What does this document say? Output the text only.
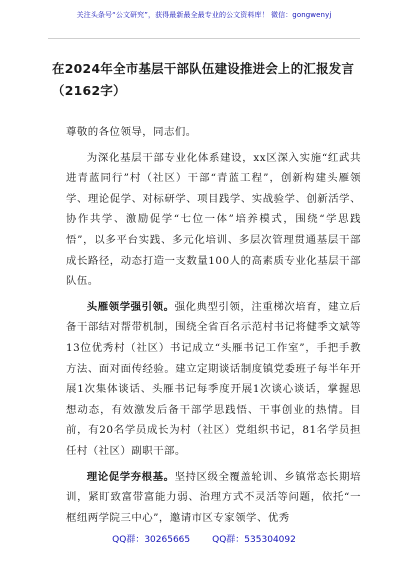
关注头条号“公文研究”，获得最新最全最专业的公文资料库！ 微信：gongwenyj
在2024年全市基层干部队伍建设推进会上的汇报发言（2162字）

尊敬的各位领导，同志们。

为深化基层干部专业化体系建设，xx区深入实施“红武共进青蓝同行”村（社区）干部“青蓝工程”，创新构建头雁领学、理论促学、对标研学、项目践学、实战验学、创新活学、协作共学、激励促学“七位一体”培养模式，围绕“学思践悟”，以多平台实践、多元化培训、多层次管理贯通基层干部成长路径，动态打造一支数量100人的高素质专业化基层干部队伍。

头雁领学强引领。强化典型引领，注重梯次培育，建立后备干部结对帮带机制，围绕全省百名示范村书记将健季文斌等13位优秀村（社区）书记成立“头雁书记工作室”，手把手教方法、面对面传经验。建立定期谈话制度镇党委班子每半年开展1次集体谈话、头雁书记每季度开展1次谈心谈话，掌握思想动态，有效激发后备干部学思践悟、干事创业的热情。目前，有20名学员成长为村（社区）党组织书记，81名学员担任村（社区）副职干部。

理论促学夯根基。坚持区级全覆盖轮训、乡镇常态长期培训，紧盯致富带富能力弱、治理方式不灵活等问题，依托“一框纽两学院三中心”，邀请市区专家领学、优秀

QQ群：30265665 QQ群：535304092
